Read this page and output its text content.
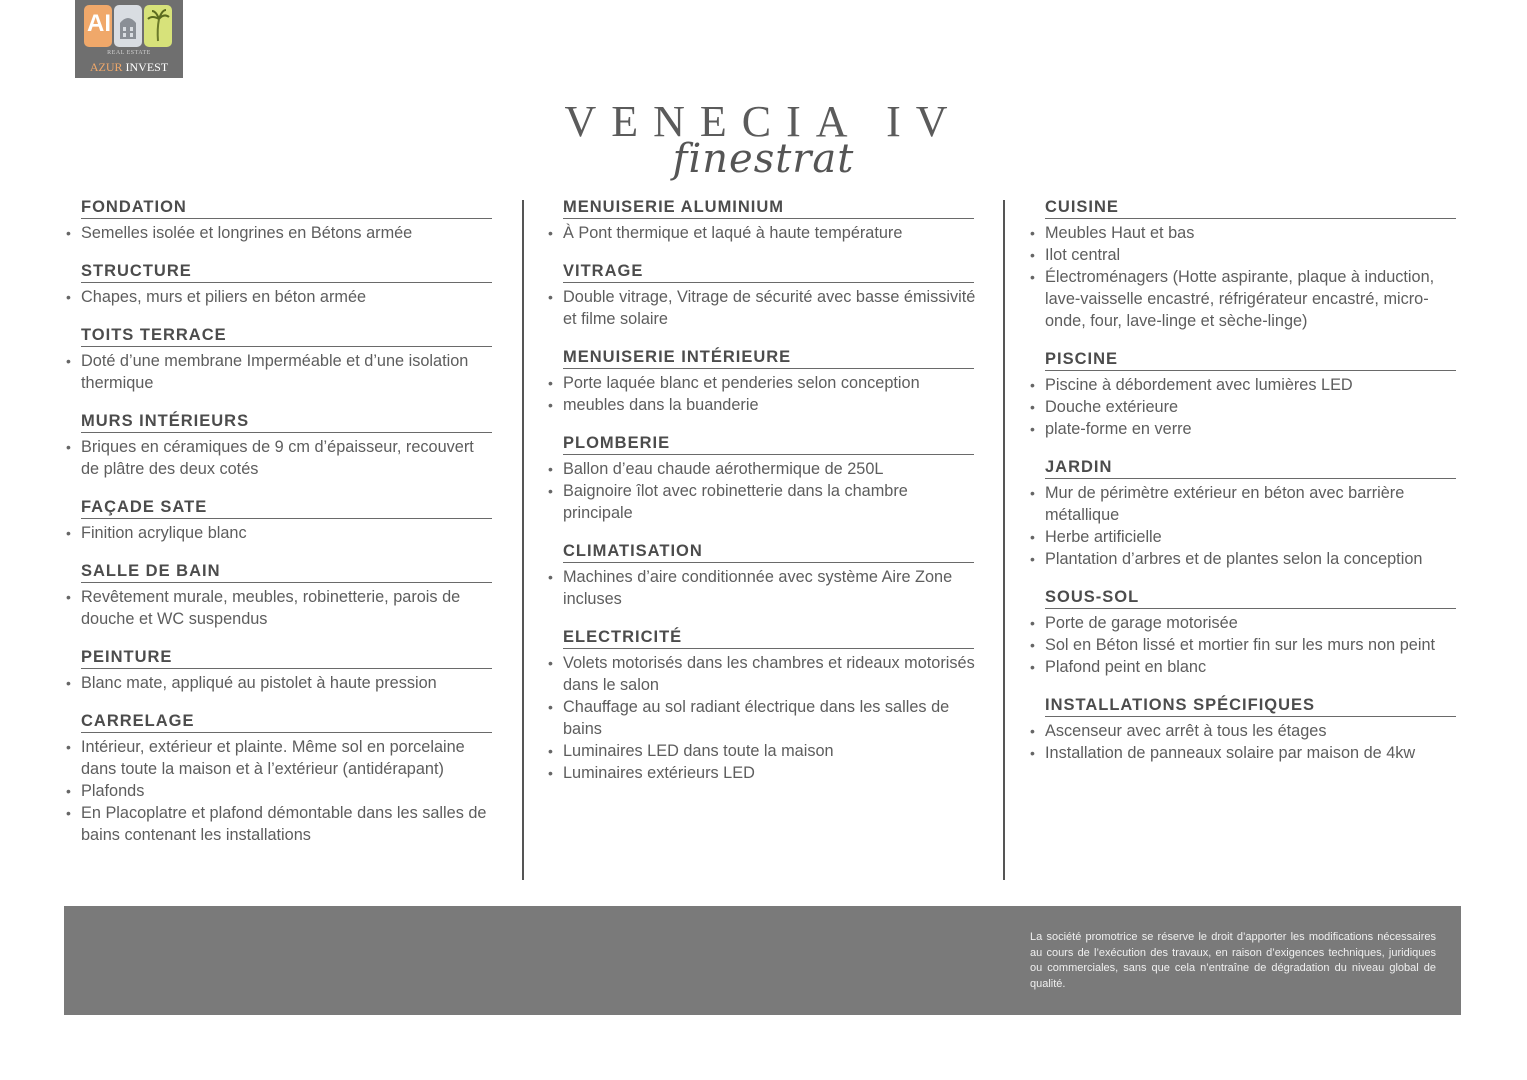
AI
REAL ESTATE
AZUR INVEST
VENECIA IV
finestrat
FONDATION
• Semelles isolée et longrines en Bétons armée
STRUCTURE
• Chapes, murs et piliers en béton armée
TOITS TERRACE
• Doté d’une membrane Imperméable et d’une isolation thermique
MURS INTÉRIEURS
• Briques en céramiques de 9 cm d’épaisseur, recouvert de plâtre des deux cotés
FAÇADE SATE
• Finition acrylique blanc
SALLE DE BAIN
• Revêtement murale, meubles, robinetterie, parois de douche et WC suspendus
PEINTURE
• Blanc mate, appliqué au pistolet à haute pression
CARRELAGE
• Intérieur, extérieur et plainte. Même sol en porcelaine dans toute la maison et à l’extérieur (antidérapant)
• Plafonds
• En Placoplatre et plafond démontable dans les salles de bains contenant les installations
MENUISERIE ALUMINIUM
• À Pont thermique et laqué à haute température
VITRAGE
• Double vitrage, Vitrage de sécurité avec basse émissivité et filme solaire
MENUISERIE INTÉRIEURE
• Porte laquée blanc et penderies selon conception
• meubles dans la buanderie
PLOMBERIE
• Ballon d’eau chaude aérothermique de 250L
• Baignoire îlot avec robinetterie dans la chambre principale
CLIMATISATION
• Machines d’aire conditionnée avec système Aire Zone incluses
ELECTRICITÉ
• Volets motorisés dans les chambres et rideaux motorisés dans le salon
• Chauffage au sol radiant électrique dans les salles de bains
• Luminaires LED dans toute la maison
• Luminaires extérieurs LED
CUISINE
• Meubles Haut et bas
• Ilot central
• Électroménagers (Hotte aspirante, plaque à induction, lave-vaisselle encastré, réfrigérateur encastré, micro-onde, four, lave-linge et sèche-linge)
PISCINE
• Piscine à débordement avec lumières LED
• Douche extérieure
• plate-forme en verre
JARDIN
• Mur de périmètre extérieur en béton avec barrière métallique
• Herbe artificielle
• Plantation d’arbres et de plantes selon la conception
SOUS-SOL
• Porte de garage motorisée
• Sol en Béton lissé et mortier fin sur les murs non peint
• Plafond peint en blanc
INSTALLATIONS SPÉCIFIQUES
• Ascenseur avec arrêt à tous les étages
• Installation de panneaux solaire par maison de 4kw
La société promotrice se réserve le droit d’apporter les modifications nécessaires au cours de l’exécution des travaux, en raison d’exigences techniques, juridiques ou commerciales, sans que cela n’entraîne de dégradation du niveau global de qualité.
